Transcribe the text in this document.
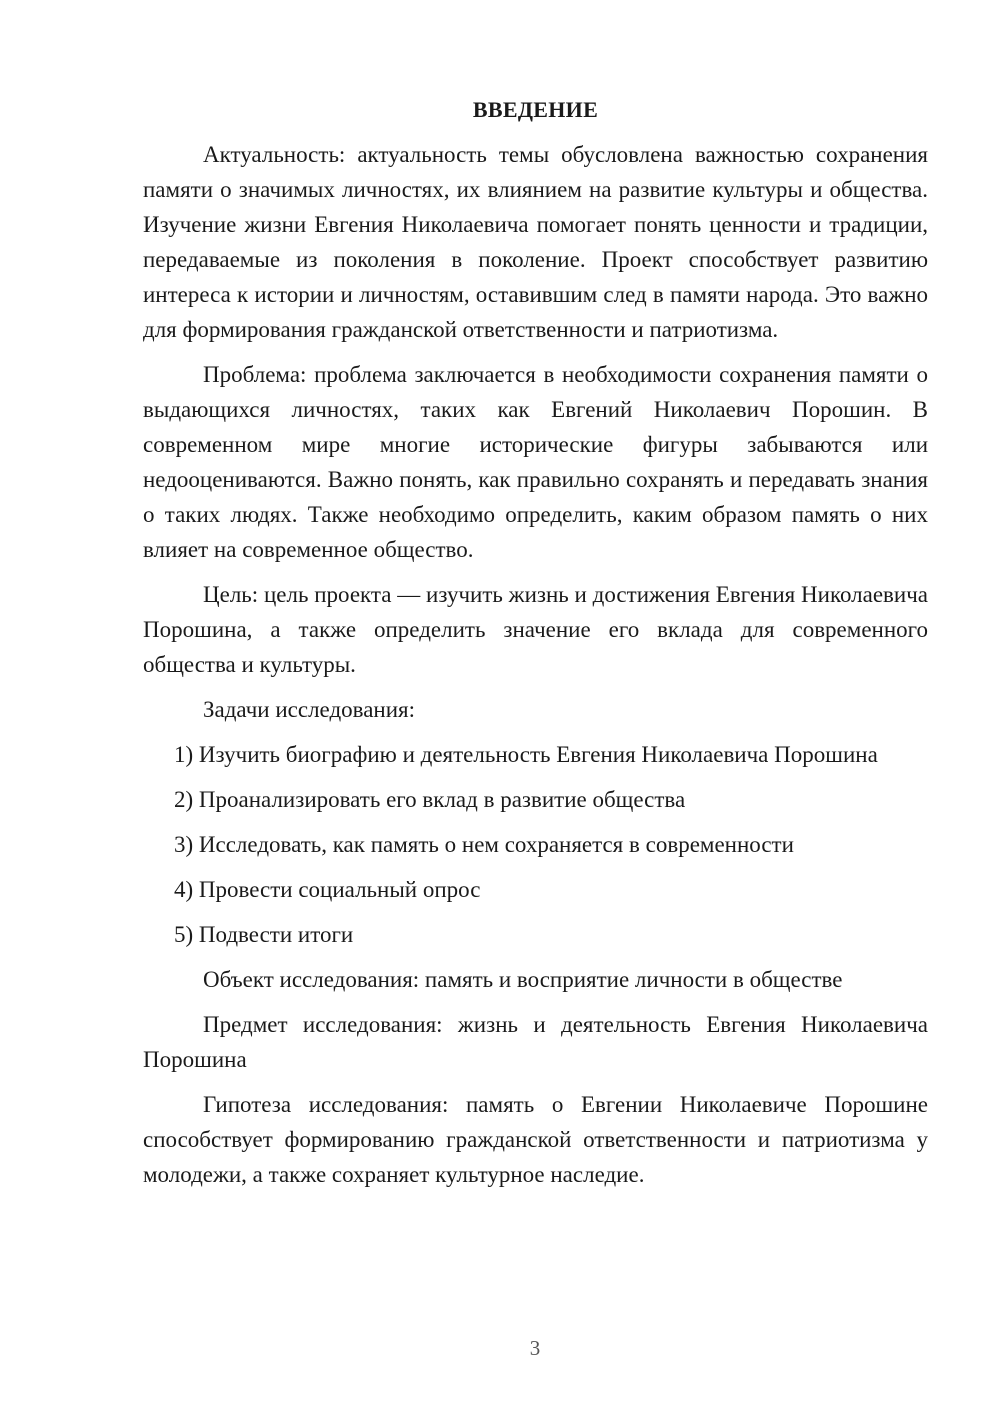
ВВЕДЕНИЕ

Актуальность: актуальность темы обусловлена важностью сохранения памяти о значимых личностях, их влиянием на развитие культуры и общества. Изучение жизни Евгения Николаевича помогает понять ценности и традиции, передаваемые из поколения в поколение. Проект способствует развитию интереса к истории и личностям, оставившим след в памяти народа. Это важно для формирования гражданской ответственности и патриотизма.

Проблема: проблема заключается в необходимости сохранения памяти о выдающихся личностях, таких как Евгений Николаевич Порошин. В современном мире многие исторические фигуры забываются или недооцениваются. Важно понять, как правильно сохранять и передавать знания о таких людях. Также необходимо определить, каким образом память о них влияет на современное общество.

Цель: цель проекта — изучить жизнь и достижения Евгения Николаевича Порошина, а также определить значение его вклада для современного общества и культуры.

Задачи исследования:

1) Изучить биографию и деятельность Евгения Николаевича Порошина

2) Проанализировать его вклад в развитие общества

3) Исследовать, как память о нем сохраняется в современности

4) Провести социальный опрос

5) Подвести итоги

Объект исследования: память и восприятие личности в обществе

Предмет исследования: жизнь и деятельность Евгения Николаевича Порошина

Гипотеза исследования: память о Евгении Николаевиче Порошине способствует формированию гражданской ответственности и патриотизма у молодежи, а также сохраняет культурное наследие.

3
